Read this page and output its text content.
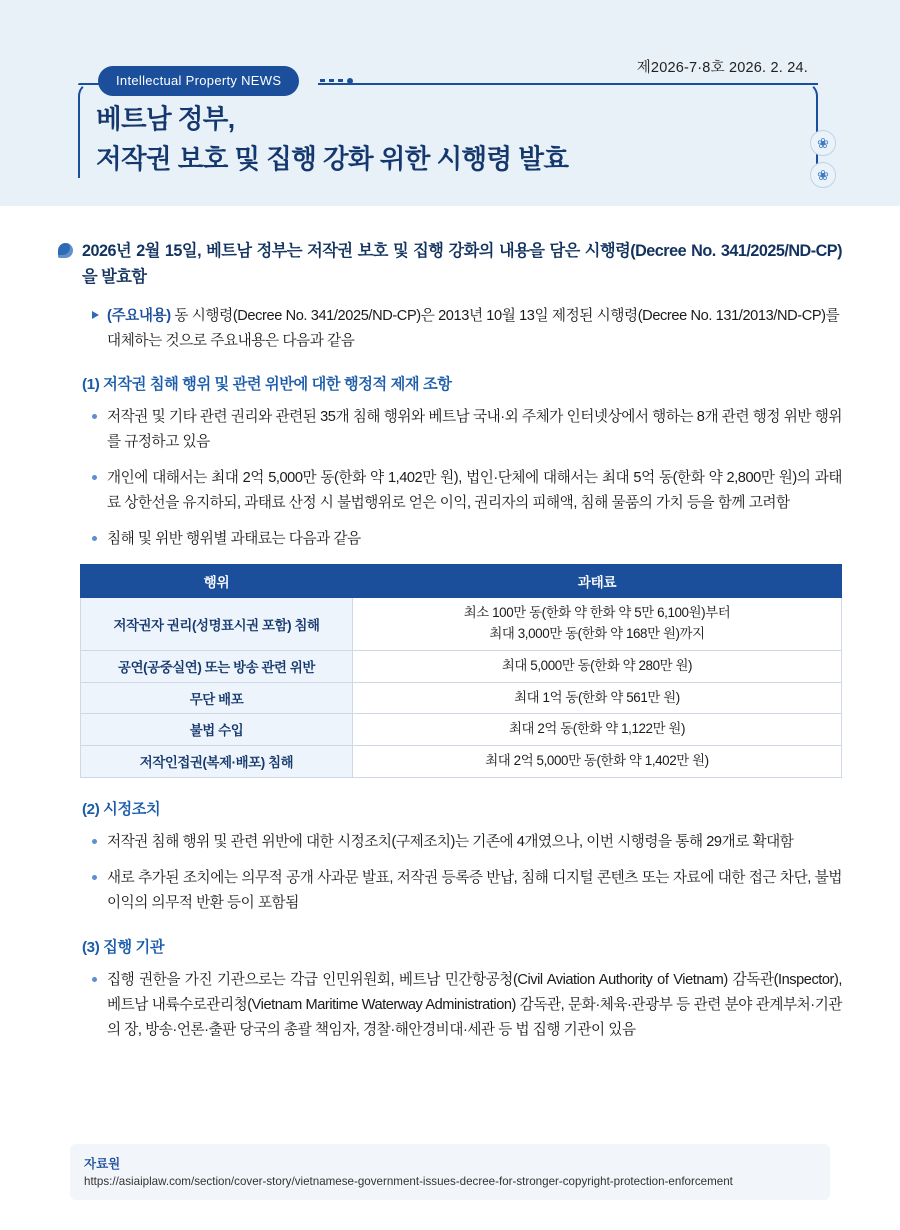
제2026-7·8호 2026. 2. 24.
Intellectual Property NEWS
베트남 정부,
저작권 보호 및 집행 강화 위한 시행령 발효
❀
❀
2026년 2월 15일, 베트남 정부는 저작권 보호 및 집행 강화의 내용을 담은 시행령(Decree No. 341/2025/ND-CP)을 발효함
(주요내용) 동 시행령(Decree No. 341/2025/ND-CP)은 2013년 10월 13일 제정된 시행령(Decree No. 131/2013/ND-CP)를 대체하는 것으로 주요내용은 다음과 같음
(1) 저작권 침해 행위 및 관련 위반에 대한 행정적 제재 조항
저작권 및 기타 관련 권리와 관련된 35개 침해 행위와 베트남 국내·외 주체가 인터넷상에서 행하는 8개 관련 행정 위반 행위를 규정하고 있음
개인에 대해서는 최대 2억 5,000만 동(한화 약 1,402만 원), 법인·단체에 대해서는 최대 5억 동(한화 약 2,800만 원)의 과태료 상한선을 유지하되, 과태료 산정 시 불법행위로 얻은 이익, 권리자의 피해액, 침해 물품의 가치 등을 함께 고려함
침해 및 위반 행위별 과태료는 다음과 같음
행위	과태료
저작권자 권리(성명표시권 포함) 침해	최소 100만 동(한화 약 한화 약 5만 6,100원)부터
최대 3,000만 동(한화 약 168만 원)까지
공연(공중실연) 또는 방송 관련 위반	최대 5,000만 동(한화 약 280만 원)
무단 배포	최대 1억 동(한화 약 561만 원)
불법 수입	최대 2억 동(한화 약 1,122만 원)
저작인접권(복제·배포) 침해	최대 2억 5,000만 동(한화 약 1,402만 원)
(2) 시정조치
저작권 침해 행위 및 관련 위반에 대한 시정조치(구제조치)는 기존에 4개였으나, 이번 시행령을 통해 29개로 확대함
새로 추가된 조치에는 의무적 공개 사과문 발표, 저작권 등록증 반납, 침해 디지털 콘텐츠 또는 자료에 대한 접근 차단, 불법 이익의 의무적 반환 등이 포함됨
(3) 집행 기관
집행 권한을 가진 기관으로는 각급 인민위원회, 베트남 민간항공청(Civil Aviation Authority of Vietnam) 감독관(Inspector), 베트남 내륙수로관리청(Vietnam Maritime Waterway Administration) 감독관, 문화·체육·관광부 등 관련 분야 관계부처·기관의 장, 방송·언론·출판 당국의 총괄 책임자, 경찰·해안경비대·세관 등 법 집행 기관이 있음
자료원
https://asiaiplaw.com/section/cover-story/vietnamese-government-issues-decree-for-stronger-copyright-protection-enforcement
